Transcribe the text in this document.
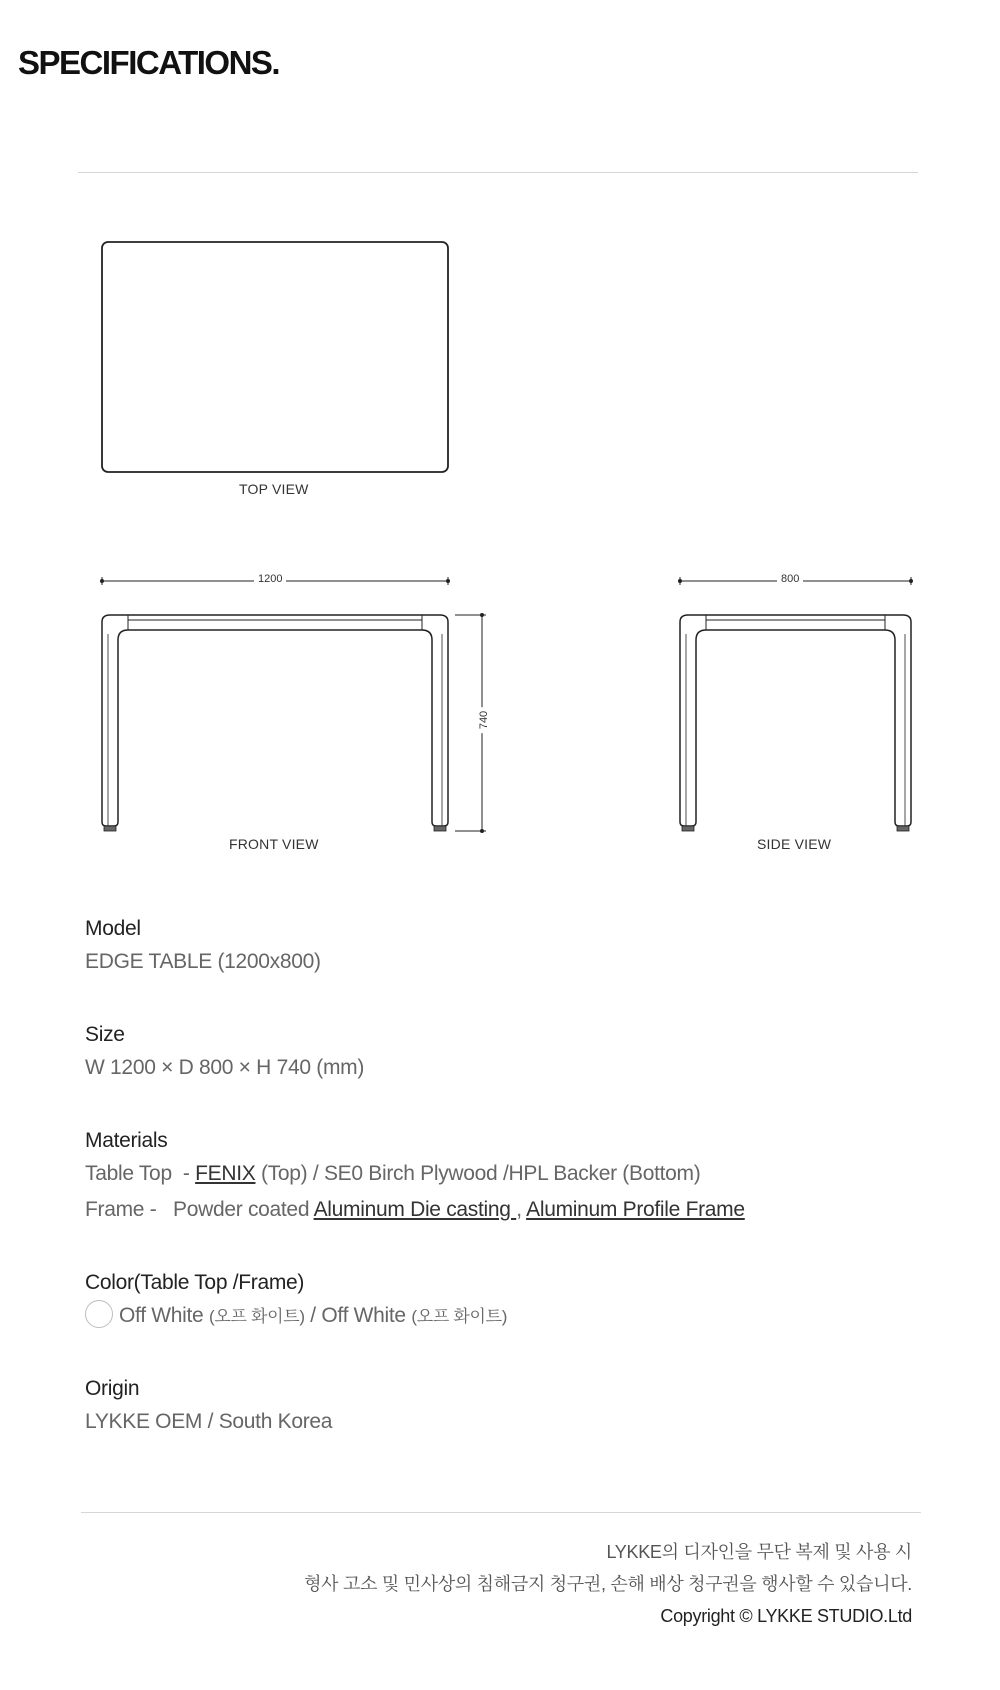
SPECIFICATIONS.
TOP VIEW
FRONT VIEW	SIDE VIEW
1200	800
740
Model
EDGE TABLE (1200x800)
Size
W 1200 × D 800 × H 740 (mm)
Materials
Table Top  - FENIX (Top) / SE0 Birch Plywood /HPL Backer (Bottom)
Frame -   Powder coated Aluminum Die casting , Aluminum Profile Frame
Color(Table Top /Frame)
Off White (오프 화이트) / Off White (오프 화이트)
Origin
LYKKE OEM / South Korea
LYKKE의 디자인을 무단 복제 및 사용 시
형사 고소 및 민사상의 침해금지 청구권, 손해 배상 청구권을 행사할 수 있습니다.
Copyright © LYKKE STUDIO.Ltd
